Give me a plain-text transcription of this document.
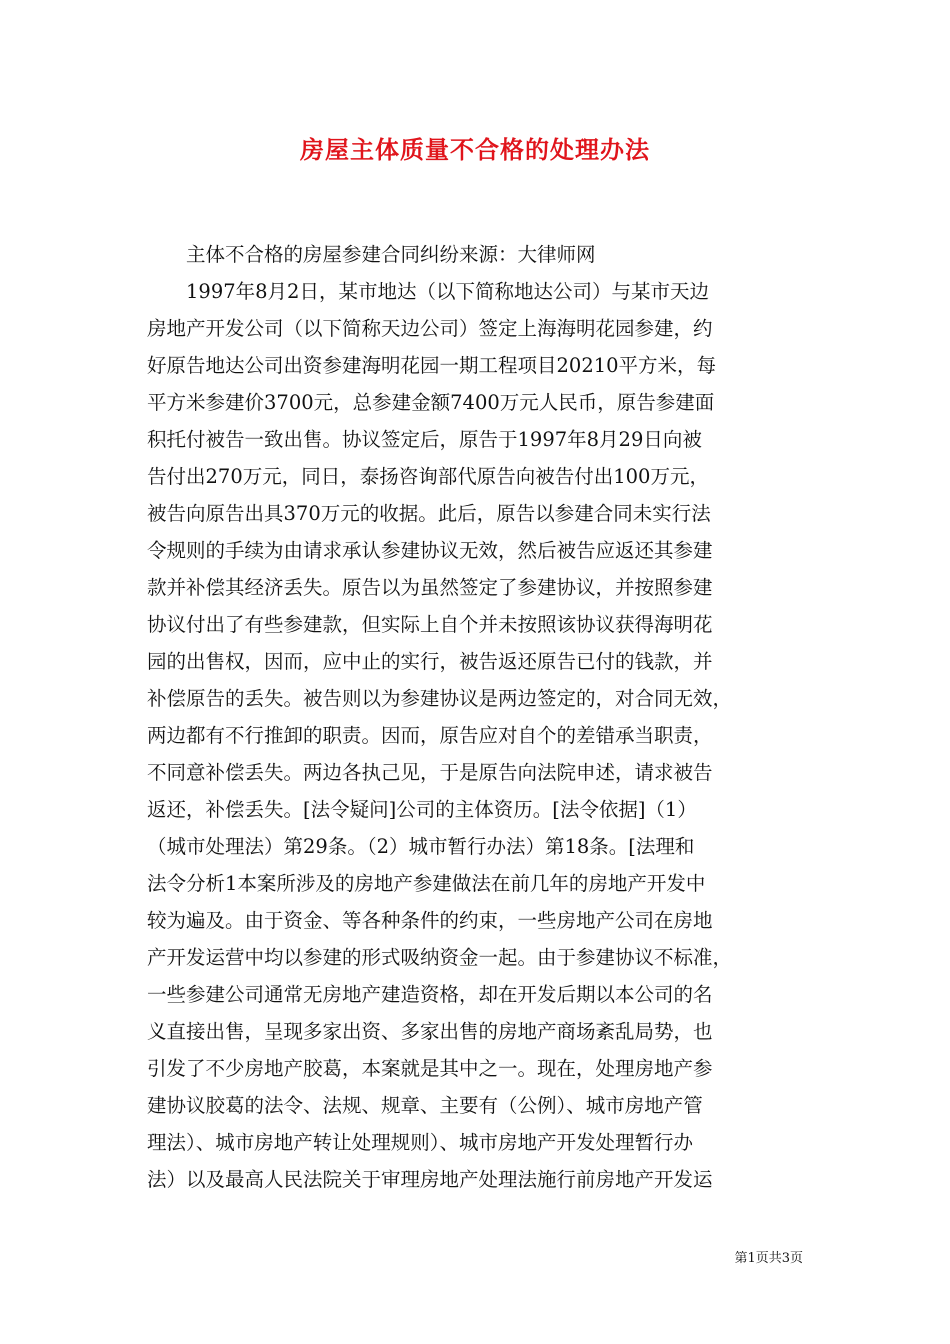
房屋主体质量不合格的处理办法
　　主体不合格的房屋参建合同纠纷来源：大律师网
　　1997年8月2日，某市地达（以下简称地达公司）与某市天边
房地产开发公司（以下简称天边公司）签定上海海明花园参建，约
好原告地达公司出资参建海明花园一期工程项目20210平方米，每
平方米参建价3700元，总参建金额7400万元人民币，原告参建面
积托付被告一致出售。协议签定后，原告于1997年8月29日向被
告付出270万元，同日，泰扬咨询部代原告向被告付出100万元，
被告向原告出具370万元的收据。此后，原告以参建合同未实行法
令规则的手续为由请求承认参建协议无效，然后被告应返还其参建
款并补偿其经济丢失。原告以为虽然签定了参建协议，并按照参建
协议付出了有些参建款，但实际上自个并未按照该协议获得海明花
园的出售权，因而，应中止的实行，被告返还原告已付的钱款，并
补偿原告的丢失。被告则以为参建协议是两边签定的，对合同无效，
两边都有不行推卸的职责。因而，原告应对自个的差错承当职责，
不同意补偿丢失。两边各执己见，于是原告向法院申述，请求被告
返还，补偿丢失。[法令疑问]公司的主体资历。[法令依据]（1）
（城市处理法）第29条。（2）城市暂行办法）第18条。[法理和
法令分析1本案所涉及的房地产参建做法在前几年的房地产开发中
较为遍及。由于资金、等各种条件的约束，一些房地产公司在房地
产开发运营中均以参建的形式吸纳资金一起。由于参建协议不标准，
一些参建公司通常无房地产建造资格，却在开发后期以本公司的名
义直接出售，呈现多家出资、多家出售的房地产商场紊乱局势，也
引发了不少房地产胶葛，本案就是其中之一。现在，处理房地产参
建协议胶葛的法令、法规、规章、主要有（公例）、城市房地产管
理法）、城市房地产转让处理规则）、城市房地产开发处理暂行办
法）以及最高人民法院关于审理房地产处理法施行前房地产开发运
第1页共3页
